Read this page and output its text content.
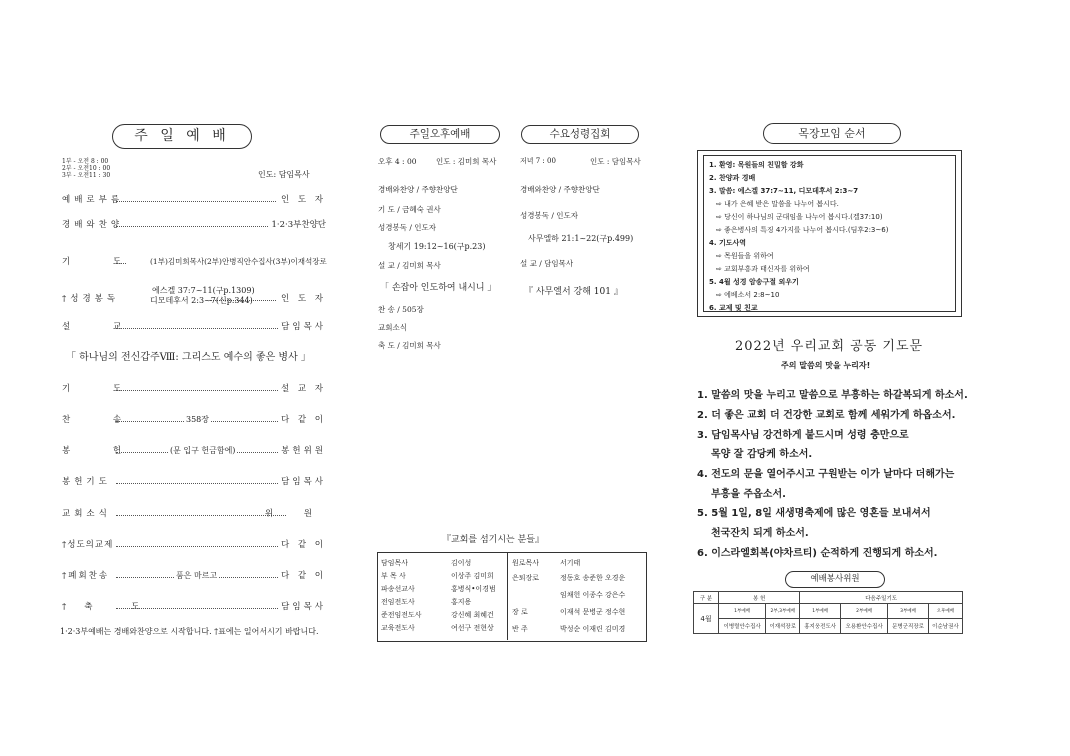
주 일 예 배
1부 - 오전 8 : 00
2부 - 오전10 : 00
3부 - 오전11 : 30	인도: 담임목사
예배로부름	인 도 자
경배와찬양	1·2·3부찬양단
기 도 (1부)김미희목사(2부)안병직안수집사(3부)이재석장로
†성경봉독	인 도 자
에스겔 37:7~11(구p.1309)
디모데후서 2:3~7(신p.344)
설 교	담임목사
「 하나님의 전신갑주Ⅷ: 그리스도 예수의 좋은 병사 」
기 도	설 교 자
찬 송	358장	다 같 이
봉 헌	(문 입구 헌금함에)	봉헌위원
봉헌기도	담임목사
교회소식	위 원
†성도의교제	다 같 이
†폐회찬송	품은 마르고	다 같 이
†축 도	담임목사
1·2·3부예배는 경배와찬양으로 시작합니다. †표에는 일어서시기 바랍니다.
주일오후예배
오후 4 : 00	인도 : 김미희 목사
경배와찬양 / 주향찬양단
기 도 / 금혜숙 권사
성경봉독 / 인도자
창세기 19:12~16(구p.23)
설 교 / 김미희 목사
「 손잡아 인도하여 내시니 」
찬 송 / 505장
교회소식
축 도 / 김미희 목사
수요성령집회
저녁 7 : 00	인도 : 담임목사
경배와찬양 / 주향찬양단
성경봉독 / 인도자
사무엘하 21:1~22(구p.499)
설 교 / 담임목사
『 사무엘서 강해 101 』
『교회를 섬기시는 분들』
담임목사	김이성
부 목 사	이상주 김미희
파송선교사	홍병식•이경범
전임전도사	홍지용
준전임전도사	강신혜 최혜건
교육전도사	여선구 전현상
원로목사	서기태
은퇴장로	정동호 송준한 오경운
	임채헌 이종수 강은수
장 로	이재석 문병군 정수현
반 주	박성순 이재린 김미경
목장모임 순서
1. 환영: 목원들의 친밀함 강화
2. 찬양과 경배
3. 말씀: 에스겔 37:7~11, 디모데후서 2:3~7
⇨ 내가 은혜 받은 말씀을 나누어 봅시다.
⇨ 당신이 하나님의 군대임을 나누어 봅시다.(겔37:10)
⇨ 좋은병사의 특징 4가지를 나누어 봅시다.(딤후2:3~6)
4. 기도사역
⇨ 목원들을 위하여
⇨ 교회부흥과 태신자를 위하여
5. 4월 성경 암송구절 외우기
⇨ 에베소서 2:8~10
6. 교제 및 친교
2022년 우리교회 공동 기도문
주의 말씀의 맛을 누리자!
1. 말씀의 맛을 누리고 말씀으로 부흥하는 하갈복되게 하소서.
2. 더 좋은 교회 더 건강한 교회로 함께 세워가게 하옵소서.
3. 담임목사님 강건하게 붙드시며 성령 충만으로
목양 잘 감당케 하소서.
4. 전도의 문을 열어주시고 구원받는 이가 날마다 더해가는
부흥을 주옵소서.
5. 5월 1일, 8일 새생명축제에 많은 영혼들 보내셔서
천국잔치 되게 하소서.
6. 이스라엘회복(야차르티) 순적하게 진행되게 하소서.
예배봉사위원
구 분	봉 헌		다음주일기도			
4월	1부예배	2부,3부예배	1부예배	2부예배	3부예배	오후예배
	이병렬안수집사	이재석장로	홍지웅전도사	오용환안수집사	문병군직장로	이순남권사
